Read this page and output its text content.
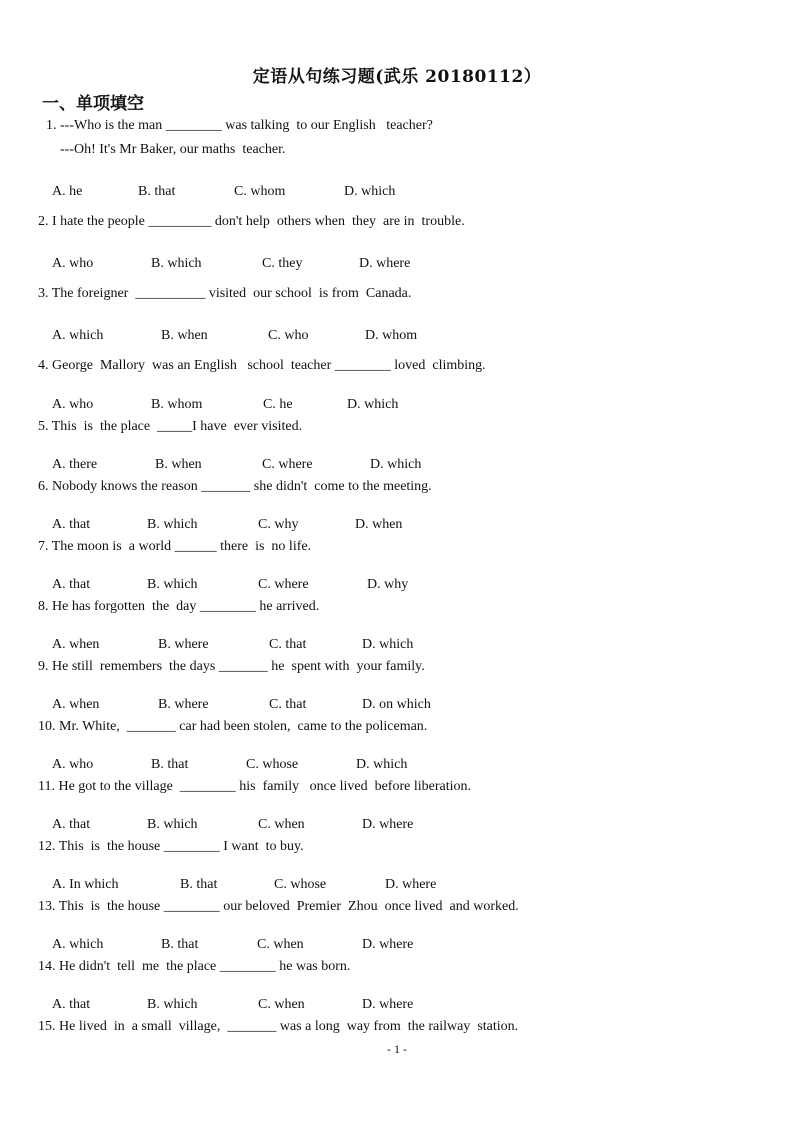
定语从句练习题(武乐 20180112）
一、单项填空
1. ---Who is the man ________ was talking  to our English   teacher?
---Oh! It's Mr Baker, our maths  teacher.

A. he	B. that	C. whom	D. which

2. I hate the people _________ don't help  others when  they  are in  trouble.

A. who	B. which	C. they	D. where

3. The foreigner  __________ visited  our school  is from  Canada.

A. which	B. when	C. who	D. whom

4. George  Mallory  was an English   school  teacher ________ loved  climbing.

A. who	B. whom	C. he	D. which

5. This  is  the place  _____I have  ever visited.

A. there	B. when	C. where	D. which

6. Nobody knows the reason _______ she didn't  come to the meeting.

A. that	B. which	C. why	D. when

7. The moon is  a world ______ there  is  no life.

A. that	B. which	C. where	D. why

8. He has forgotten  the  day ________ he arrived.

A. when	B. where	C. that	D. which

9. He still  remembers  the days _______ he  spent with  your family.

A. when	B. where	C. that	D. on which

10. Mr. White,  _______ car had been stolen,  came to the policeman.

A. who	B. that	C. whose	D. which

11. He got to the village  ________ his  family   once lived  before liberation.

A. that	B. which	C. when	D. where

12. This  is  the house ________ I want  to buy.

A. In which	B. that	C. whose	D. where

13. This  is  the house ________ our beloved  Premier  Zhou  once lived  and worked.

A. which	B. that	C. when	D. where

14. He didn't  tell  me  the place ________ he was born.

A. that	B. which	C. when	D. where

15. He lived  in  a small  village,  _______ was a long  way from  the railway  station.
- 1 -
